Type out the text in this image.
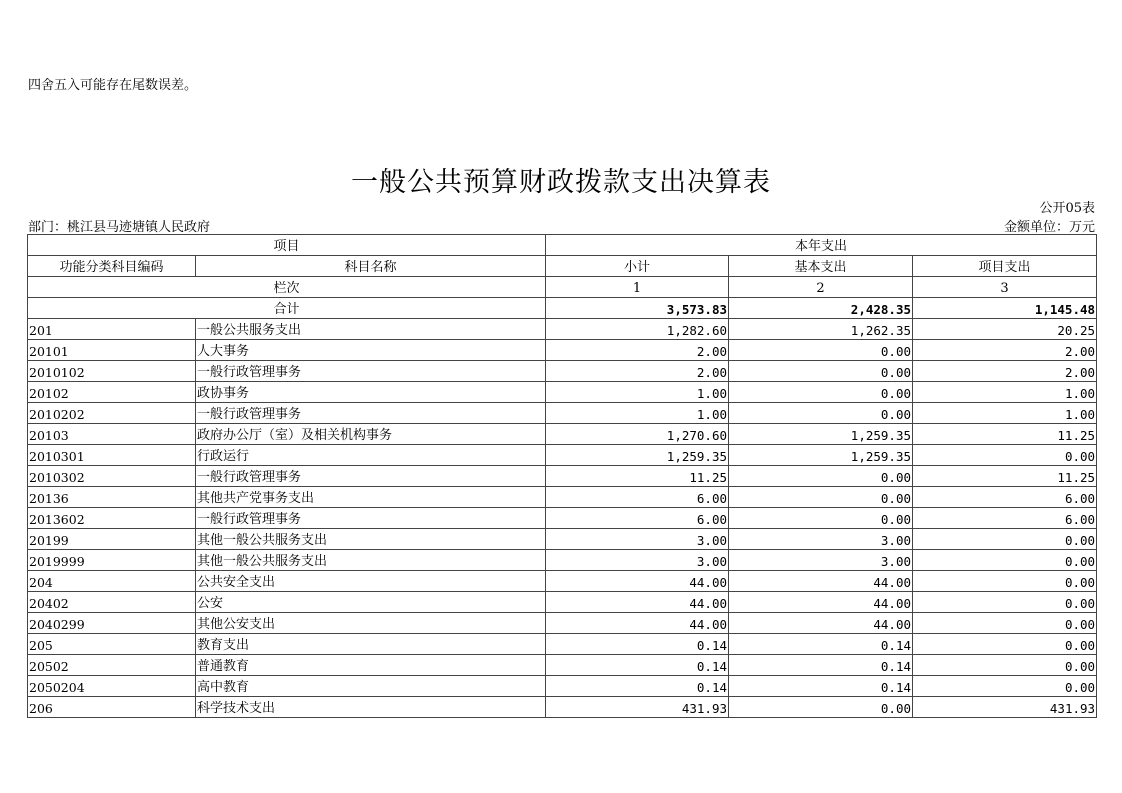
四舍五入可能存在尾数误差。
一般公共预算财政拨款支出决算表
公开05表
部门：桃江县马迹塘镇人民政府	金额单位：万元
项目		本年支出		
功能分类科目编码	科目名称	小计	基本支出	项目支出
栏次		1	2	3
合计		3,573.83	2,428.35	1,145.48
201	一般公共服务支出	1,282.60	1,262.35	20.25
20101	人大事务	2.00	0.00	2.00
2010102	一般行政管理事务	2.00	0.00	2.00
20102	政协事务	1.00	0.00	1.00
2010202	一般行政管理事务	1.00	0.00	1.00
20103	政府办公厅（室）及相关机构事务	1,270.60	1,259.35	11.25
2010301	行政运行	1,259.35	1,259.35	0.00
2010302	一般行政管理事务	11.25	0.00	11.25
20136	其他共产党事务支出	6.00	0.00	6.00
2013602	一般行政管理事务	6.00	0.00	6.00
20199	其他一般公共服务支出	3.00	3.00	0.00
2019999	其他一般公共服务支出	3.00	3.00	0.00
204	公共安全支出	44.00	44.00	0.00
20402	公安	44.00	44.00	0.00
2040299	其他公安支出	44.00	44.00	0.00
205	教育支出	0.14	0.14	0.00
20502	普通教育	0.14	0.14	0.00
2050204	高中教育	0.14	0.14	0.00
206	科学技术支出	431.93	0.00	431.93
